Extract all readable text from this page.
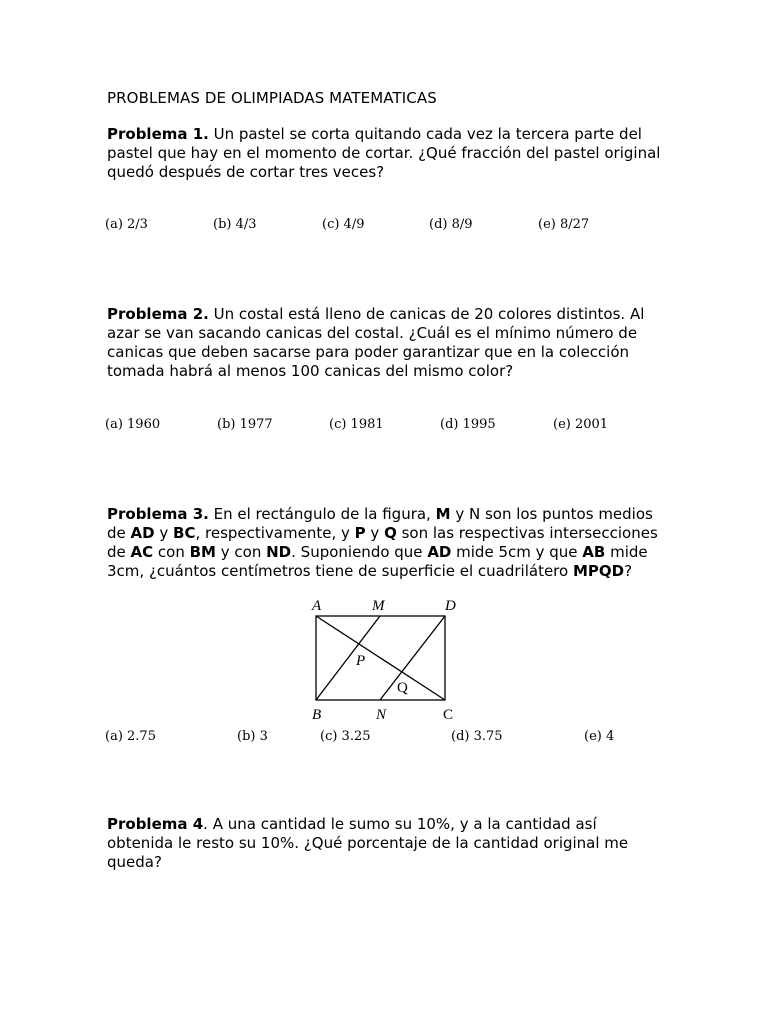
PROBLEMAS DE OLIMPIADAS MATEMATICAS

Problema 1. Un pastel se corta quitando cada vez la tercera parte del pastel que hay en el momento de cortar. ¿Qué fracción del pastel original quedó después de cortar tres veces?

(a) 2/3	(b) 4/3	(c) 4/9	(d) 8/9	(e) 8/27

Problema 2. Un costal está lleno de canicas de 20 colores distintos. Al azar se van sacando canicas del costal. ¿Cuál es el mínimo número de canicas que deben sacarse para poder garantizar que en la colección tomada habrá al menos 100 canicas del mismo color?

(a) 1960	(b) 1977	(c) 1981	(d) 1995	(e) 2001

Problema 3. En el rectángulo de la figura, M y N son los puntos medios de AD y BC, respectivamente, y P y Q son las respectivas intersecciones de AC con BM y con ND. Suponiendo que AD mide 5cm y que AB mide 3cm, ¿cuántos centímetros tiene de superficie el cuadrilátero MPQD?

A	M	D
P
Q
B	N	C
(a) 2.75	(b) 3	(c) 3.25	(d) 3.75	(e) 4

Problema 4. A una cantidad le sumo su 10%, y a la cantidad así obtenida le resto su 10%. ¿Qué porcentaje de la cantidad original me queda?
